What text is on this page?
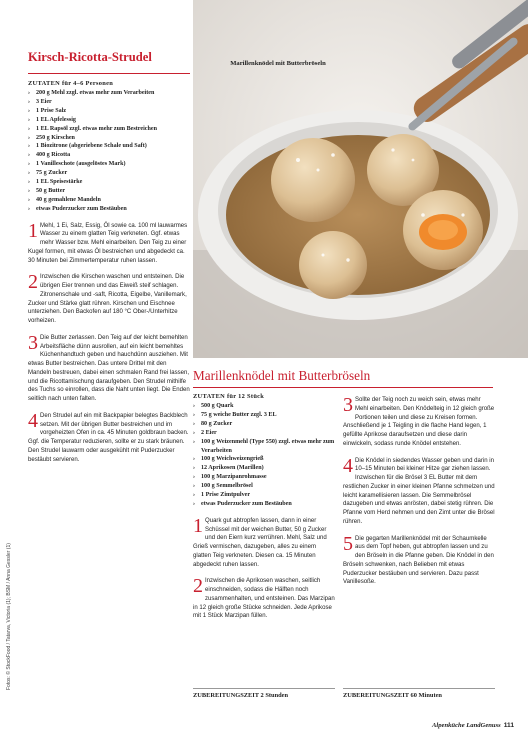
Kirsch-Ricotta-Strudel
ZUTATEN für 4–6 Personen
› 200 g Mehl zzgl. etwas mehr zum Verarbeiten
› 3 Eier
› 1 Prise Salz
› 1 EL Apfelessig
› 1 EL Rapsöl zzgl. etwas mehr zum Bestreichen
› 250 g Kirschen
› 1 Biozitrone (abgeriebene Schale und Saft)
› 400 g Ricotta
› 1 Vanilleschote (ausgelöstes Mark)
› 75 g Zucker
› 1 EL Speisestärke
› 50 g Butter
› 40 g gemahlene Mandeln
› etwas Puderzucker zum Bestäuben
1 Mehl, 1 Ei, Salz, Essig, Öl sowie ca. 100 ml lauwarmes Wasser zu einem glatten Teig verkneten. Ggf. etwas mehr Wasser bzw. Mehl einarbeiten. Den Teig zu einer Kugel formen, mit etwas Öl bestreichen und abgedeckt ca. 30 Minuten bei Zimmertemperatur ruhen lassen.
2 Inzwischen die Kirschen waschen und entsteinen. Die übrigen Eier trennen und das Eiweiß steif schlagen. Zitronenschale und -saft, Ricotta, Eigelbe, Vanillemark, Zucker und Stärke glatt rühren. Kirschen und Eischnee unterziehen. Den Backofen auf 180 °C Ober-/Unterhitze vorheizen.
3 Die Butter zerlassen. Den Teig auf der leicht bemehlten Arbeitsfläche dünn ausrollen, auf ein leicht bemehltes Küchenhandtuch geben und hauchdünn ausziehen. Mit etwas Butter bestreichen. Das untere Drittel mit den Mandeln bestreuen, dabei einen schmalen Rand frei lassen, und die Ricottamischung daraufgeben. Den Strudel mithilfe des Tuchs so einrollen, dass die Naht unten liegt. Die Enden seitlich nach unten falten.
4 Den Strudel auf ein mit Backpapier belegtes Backblech setzen. Mit der übrigen Butter bestreichen und im vorgeheizten Ofen in ca. 45 Minuten goldbraun backen. Ggf. die Temperatur reduzieren, sollte er zu stark bräunen. Den Strudel lauwarm oder ausgekühlt mit Puderzucker bestäubt servieren.
Fotos: © StockFood / Tatarva, Victoria (1); BSM / Anna Gessler (1)
Marillenknödel mit Butterbröseln
Marillenknödel mit Butterbröseln
ZUTATEN für 12 Stück
› 500 g Quark
› 75 g weiche Butter zzgl. 3 EL
› 80 g Zucker
› 2 Eier
› 100 g Weizenmehl (Type 550) zzgl. etwas mehr zum Verarbeiten
› 100 g Weichweizengrieß
› 12 Aprikosen (Marillen)
› 100 g Marzipanrohmasse
› 100 g Semmelbrösel
› 1 Prise Zimtpulver
› etwas Puderzucker zum Bestäuben
1 Quark gut abtropfen lassen, dann in einer Schüssel mit der weichen Butter, 50 g Zucker und den Eiern kurz verrühren. Mehl, Salz und Grieß vermischen, dazugeben, alles zu einem glatten Teig verkneten. Diesen ca. 15 Minuten abgedeckt ruhen lassen.
2 Inzwischen die Aprikosen waschen, seitlich einschneiden, sodass die Hälften noch zusammenhalten, und entsteinen. Das Marzipan in 12 gleich große Stücke schneiden. Jede Aprikose mit 1 Stück Marzipan füllen.
3 Sollte der Teig noch zu weich sein, etwas mehr Mehl einarbeiten. Den Knödelteig in 12 gleich große Portionen teilen und diese zu Kreisen formen. Anschließend je 1 Teigling in die flache Hand legen, 1 gefüllte Aprikose daraufsetzen und diese darin einwickeln, sodass runde Knödel entstehen.
4 Die Knödel in siedendes Wasser geben und darin in 10–15 Minuten bei kleiner Hitze gar ziehen lassen. Inzwischen für die Brösel 3 EL Butter mit dem restlichen Zucker in einer kleinen Pfanne schmelzen und leicht karamellisieren lassen. Die Semmelbrösel dazugeben und etwas anrösten, dabei stetig rühren. Die Pfanne vom Herd nehmen und den Zimt unter die Brösel rühren.
5 Die gegarten Marillenknödel mit der Schaumkelle aus dem Topf heben, gut abtropfen lassen und zu den Bröseln in die Pfanne geben. Die Knödel in den Bröseln schwenken, nach Belieben mit etwas Puderzucker bestäuben und servieren. Dazu passt Vanillesoße.
ZUBEREITUNGSZEIT 2 Stunden	ZUBEREITUNGSZEIT 60 Minuten
Alpenküche LandGenuss 111
